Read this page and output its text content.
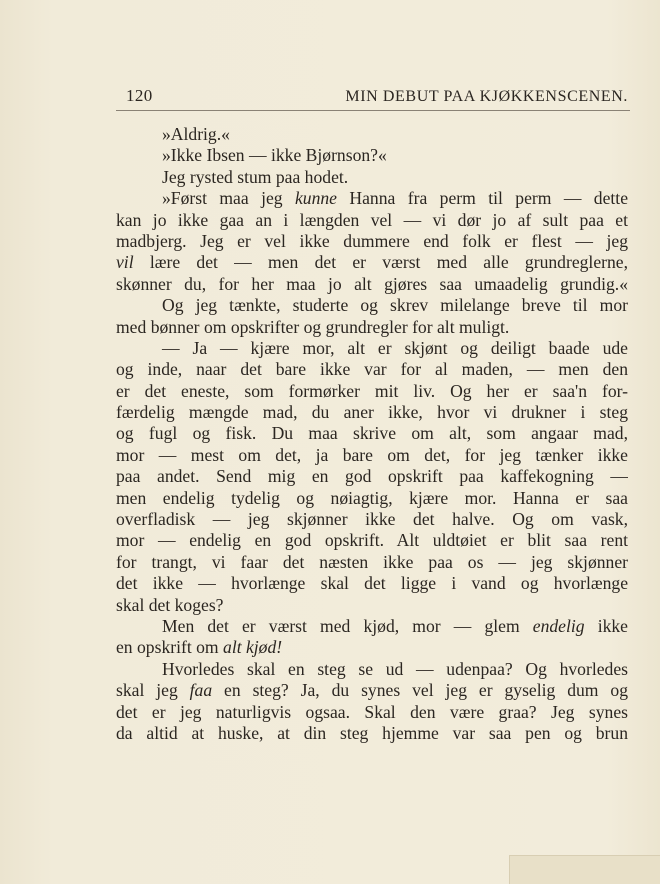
120	MIN DEBUT PAA KJØKKENSCENEN.
»Aldrig.«
»Ikke Ibsen — ikke Bjørnson?«
Jeg rysted stum paa hodet.
»Først maa jeg kunne Hanna fra perm til perm — dette
kan jo ikke gaa an i længden vel — vi dør jo af sult paa et
madbjerg. Jeg er vel ikke dummere end folk er flest — jeg
vil lære det — men det er værst med alle grundreglerne,
skønner du, for her maa jo alt gjøres saa umaadelig grundig.«
Og jeg tænkte, studerte og skrev milelange breve til mor
med bønner om opskrifter og grundregler for alt muligt.
— Ja — kjære mor, alt er skjønt og deiligt baade ude
og inde, naar det bare ikke var for al maden, — men den
er det eneste, som formørker mit liv. Og her er saa'n for-
færdelig mængde mad, du aner ikke, hvor vi drukner i steg
og fugl og fisk. Du maa skrive om alt, som angaar mad,
mor — mest om det, ja bare om det, for jeg tænker ikke
paa andet. Send mig en god opskrift paa kaffekogning —
men endelig tydelig og nøiagtig, kjære mor. Hanna er saa
overfladisk — jeg skjønner ikke det halve. Og om vask,
mor — endelig en god opskrift. Alt uldtøiet er blit saa rent
for trangt, vi faar det næsten ikke paa os — jeg skjønner
det ikke — hvorlænge skal det ligge i vand og hvorlænge
skal det koges?
Men det er værst med kjød, mor — glem endelig ikke
en opskrift om alt kjød!
Hvorledes skal en steg se ud — udenpaa? Og hvorledes
skal jeg faa en steg? Ja, du synes vel jeg er gyselig dum og
det er jeg naturligvis ogsaa. Skal den være graa? Jeg synes
da altid at huske, at din steg hjemme var saa pen og brun
